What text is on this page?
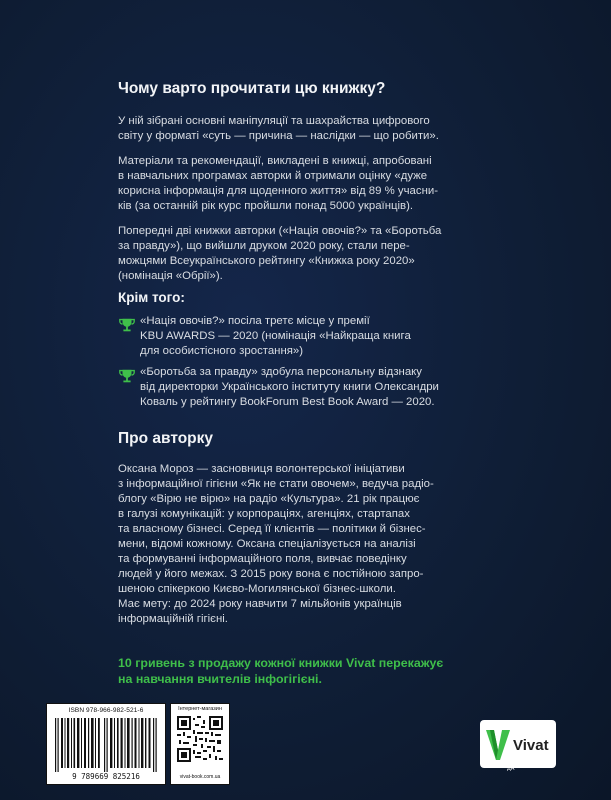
Чому варто прочитати цю книжку?

У ній зібрані основні маніпуляції та шахрайства цифрового
світу у форматі «суть — причина — наслідки — що робити».

Матеріали та рекомендації, викладені в книжці, апробовані
в навчальних програмах авторки й отримали оцінку «дуже
корисна інформація для щоденного життя» від 89 % учасни-
ків (за останній рік курс пройшли понад 5000 українців).

Попередні дві книжки авторки («Нація овочів?» та «Боротьба
за правду»), що вийшли друком 2020 року, стали пере-
можцями Всеукраїнського рейтингу «Книжка року 2020»
(номінація «Обрії»).

Крім того:
«Нація овочів?» посіла третє місце у премії
KBU AWARDS — 2020 (номінація «Найкраща книга
для особистісного зростання»)
«Боротьба за правду» здобула персональну відзнаку
від директорки Українського інституту книги Олександри
Коваль у рейтингу BookForum Best Book Award — 2020.
Про авторку

Оксана Мороз — засновниця волонтерської ініціативи
з інформаційної гігієни «Як не стати овочем», ведуча радіо-
блогу «Вірю не вірю» на радіо «Культура». 21 рік працює
в галузі комунікацій: у корпораціях, агенціях, стартапах
та власному бізнесі. Серед її клієнтів — політики й бізнес-
мени, відомі кожному. Оксана спеціалізується на аналізі
та формуванні інформаційного поля, вивчає поведінку
людей у його межах. З 2015 року вона є постійною запро-
шеною спікеркою Києво-Могилянської бізнес-школи.
Має мету: до 2024 року навчити 7 мільйонів українців
інформаційній гігієні.

10 гривень з продажу кожної книжки Vivat перекажує
на навчання вчителів інфогігієні.
ISBN 978-966-982-521-6
9 789669 825216
Інтернет-магазин
vivat-book.com.ua
Vivat
ДА
